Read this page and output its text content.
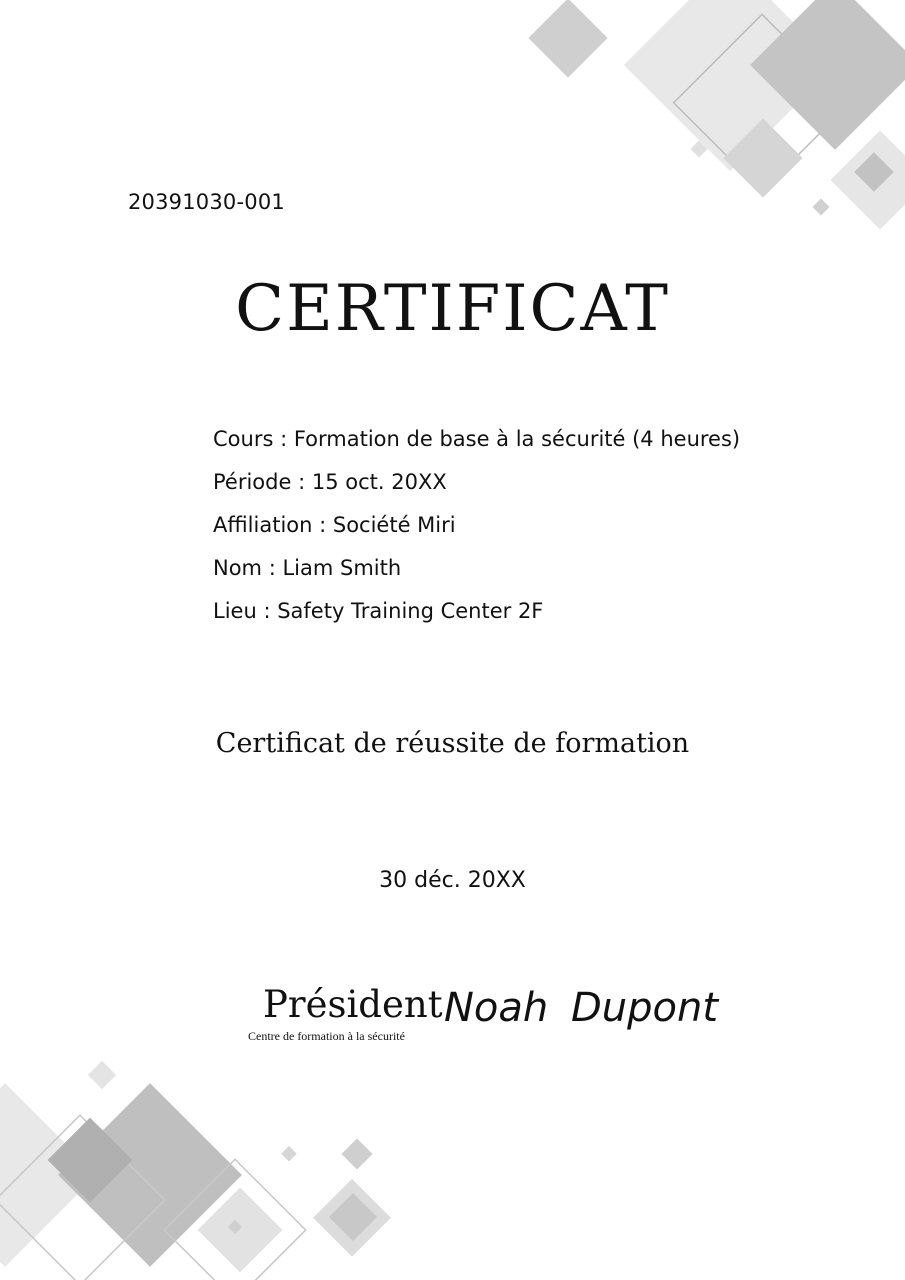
20391030-001
CERTIFICAT
Cours : Formation de base à la sécurité (4 heures)
Période : 15 oct. 20XX
Affiliation : Société Miri
Nom : Liam Smith
Lieu : Safety Training Center 2F
Certificat de réussite de formation
30 déc. 20XX
Président
Centre de formation à la sécurité
Noah Dupont
